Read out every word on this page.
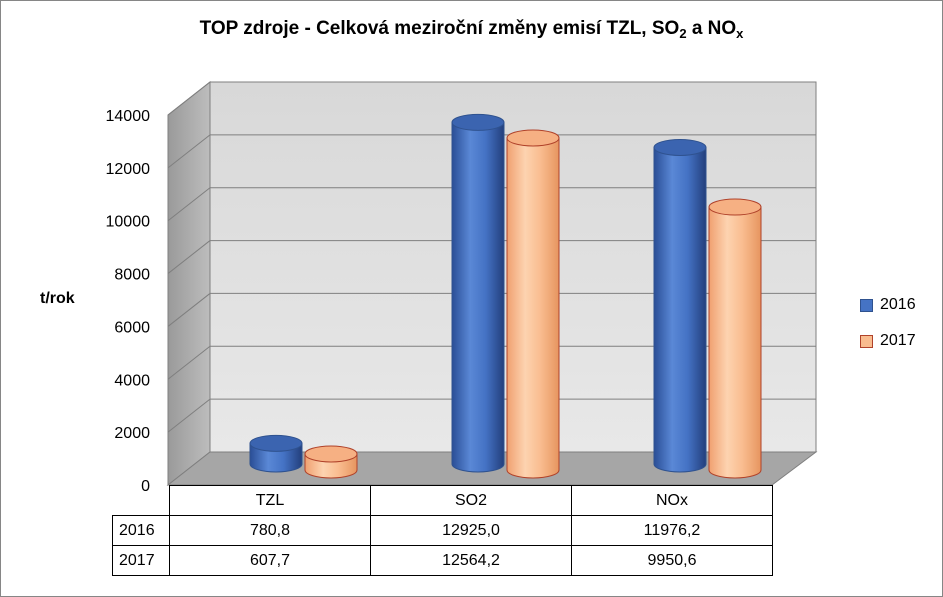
TOP zdroje - Celková meziroční změny emisí TZL, $SO_2$ a $NO_x$
14000
12000
10000
8000
6000
4000
2000
0
t/rok	2016
2017
	TZL	SO2	NOx
2016	780,8	12925,0	11976,2
2017	607,7	12564,2	9950,6
